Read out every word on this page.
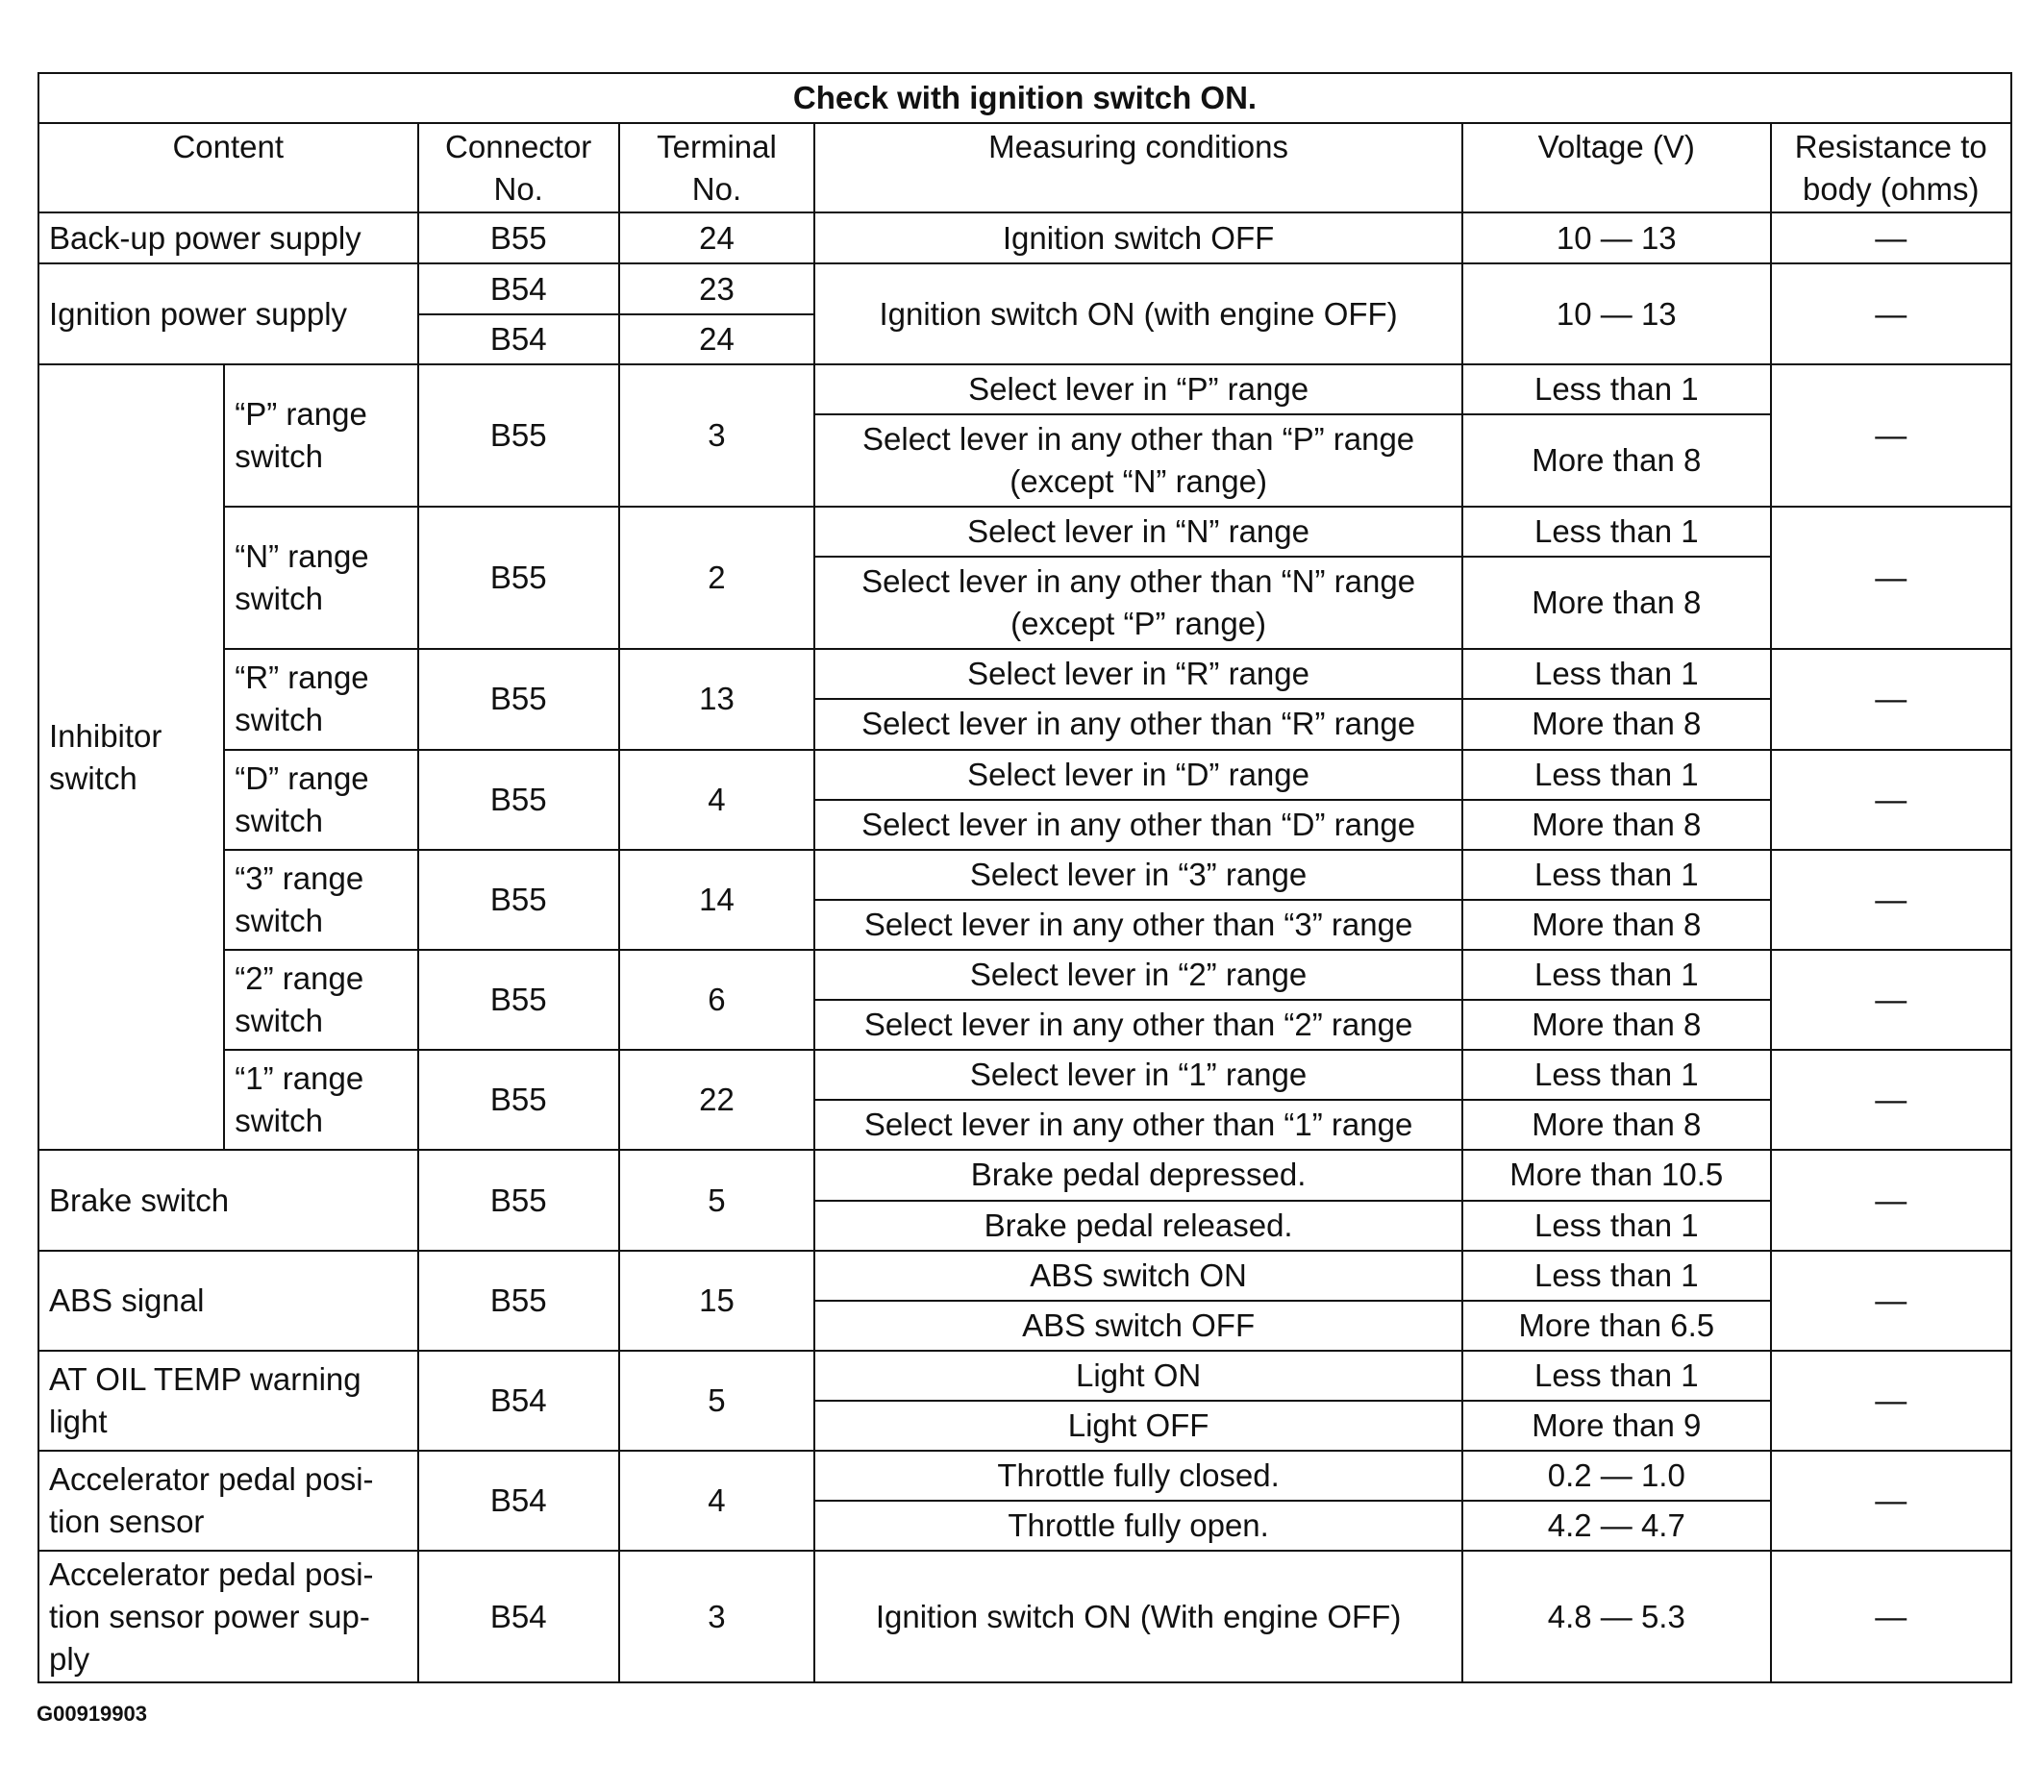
Check with ignition switch ON.						
Content		Connector No.	Terminal No.	Measuring conditions	Voltage (V)	Resistance to body (ohms)
Back-up power supply		B55	24	Ignition switch OFF	10 — 13	—
Ignition power supply		B54	23	Ignition switch ON (with engine OFF)	10 — 13	—
		B54	24			
Inhibitor switch	“P” range switch	B55	3	Select lever in “P” range	Less than 1	—
				Select lever in any other than “P” range (except “N” range)	More than 8	
	“N” range switch	B55	2	Select lever in “N” range	Less than 1	—
				Select lever in any other than “N” range (except “P” range)	More than 8	
	“R” range switch	B55	13	Select lever in “R” range	Less than 1	—
				Select lever in any other than “R” range	More than 8	
	“D” range switch	B55	4	Select lever in “D” range	Less than 1	—
				Select lever in any other than “D” range	More than 8	
	“3” range switch	B55	14	Select lever in “3” range	Less than 1	—
				Select lever in any other than “3” range	More than 8	
	“2” range switch	B55	6	Select lever in “2” range	Less than 1	—
				Select lever in any other than “2” range	More than 8	
	“1” range switch	B55	22	Select lever in “1” range	Less than 1	—
				Select lever in any other than “1” range	More than 8	
Brake switch		B55	5	Brake pedal depressed.	More than 10.5	—
				Brake pedal released.	Less than 1	
ABS signal		B55	15	ABS switch ON	Less than 1	—
				ABS switch OFF	More than 6.5	
AT OIL TEMP warning light		B54	5	Light ON	Less than 1	—
				Light OFF	More than 9	
Accelerator pedal posi-tion sensor		B54	4	Throttle fully closed.	0.2 — 1.0	—
				Throttle fully open.	4.2 — 4.7	
Accelerator pedal posi-tion sensor power sup-ply		B54	3	Ignition switch ON (With engine OFF)	4.8 — 5.3	—
G00919903
